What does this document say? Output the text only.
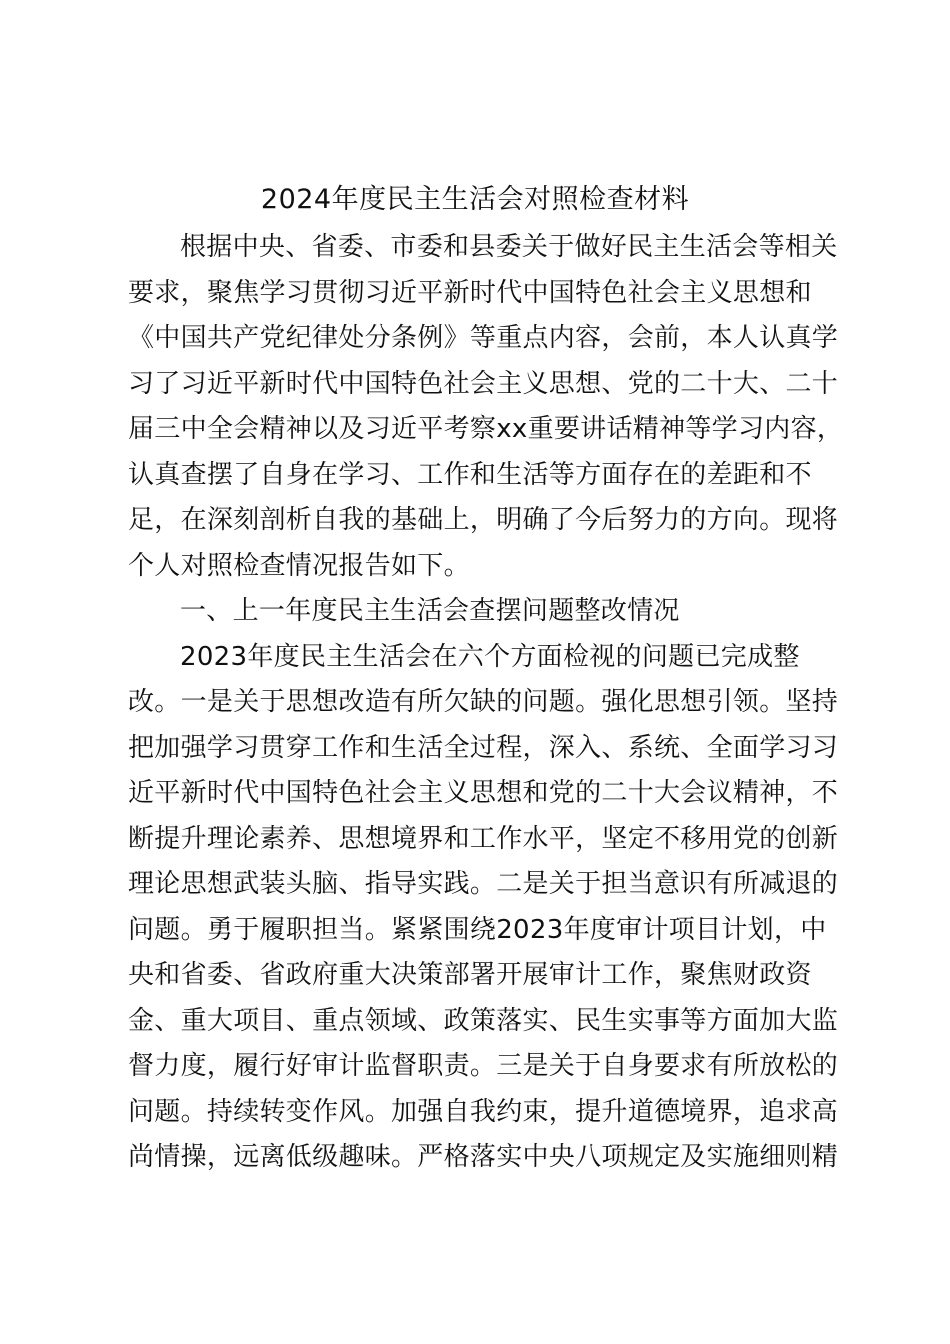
2024年度民主生活会对照检查材料
根据中央、省委、市委和县委关于做好民主生活会等相关
要求，聚焦学习贯彻习近平新时代中国特色社会主义思想和
《中国共产党纪律处分条例》等重点内容，会前，本人认真学
习了习近平新时代中国特色社会主义思想、党的二十大、二十
届三中全会精神以及习近平考察xx重要讲话精神等学习内容，
认真查摆了自身在学习、工作和生活等方面存在的差距和不
足，在深刻剖析自我的基础上，明确了今后努力的方向。现将
个人对照检查情况报告如下。
一、上一年度民主生活会查摆问题整改情况
2023年度民主生活会在六个方面检视的问题已完成整
改。一是关于思想改造有所欠缺的问题。强化思想引领。坚持
把加强学习贯穿工作和生活全过程，深入、系统、全面学习习
近平新时代中国特色社会主义思想和党的二十大会议精神，不
断提升理论素养、思想境界和工作水平，坚定不移用党的创新
理论思想武装头脑、指导实践。二是关于担当意识有所减退的
问题。勇于履职担当。紧紧围绕2023年度审计项目计划，中
央和省委、省政府重大决策部署开展审计工作，聚焦财政资
金、重大项目、重点领域、政策落实、民生实事等方面加大监
督力度，履行好审计监督职责。三是关于自身要求有所放松的
问题。持续转变作风。加强自我约束，提升道德境界，追求高
尚情操，远离低级趣味。严格落实中央八项规定及实施细则精
